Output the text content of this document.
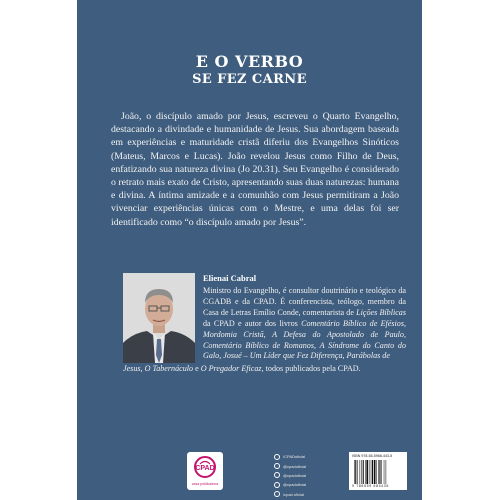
E O VERBO
SE FEZ CARNE

João, o discípulo amado por Jesus, escreveu o Quarto Evangelho, destacando a divindade e humanidade de Jesus. Sua abordagem baseada em experiências e maturidade cristã diferiu dos Evangelhos Sinóticos (Mateus, Marcos e Lucas). João revelou Jesus como Filho de Deus, enfatizando sua natureza divina (Jo 20.31). Seu Evangelho é considerado o retrato mais exato de Cristo, apresentando suas duas naturezas: humana e divina. A íntima amizade e a comunhão com Jesus permitiram a João vivenciar experiências únicas com o Mestre, e uma delas foi ser identificado como “o discípulo amado por Jesus”.

Elienai Cabral

Ministro do Evangelho, é consultor doutrinário e teológico da CGADB e da CPAD. É conferencista, teólogo, membro da Casa de Letras Emílio Conde, comentarista de Lições Bíblicas da CPAD e autor dos livros Comentário Bíblico de Efésios, Mordomia Cristã, A Defesa do Apostolado de Paulo, Comentário Bíblico de Romanos, A Síndrome do Canto do Galo, Josué – Um Líder que Fez Diferença, Parábolas de

CPAD
casa publicadora
/CPADoficial
@cpadoficial
@cpadoficial
@cpadoficial
/cpad.oficial
ISBN 978-65-5968-443-5
9 786559 684435

Jesus, O Tabernáculo e O Pregador Eficaz, todos publicados pela CPAD.
